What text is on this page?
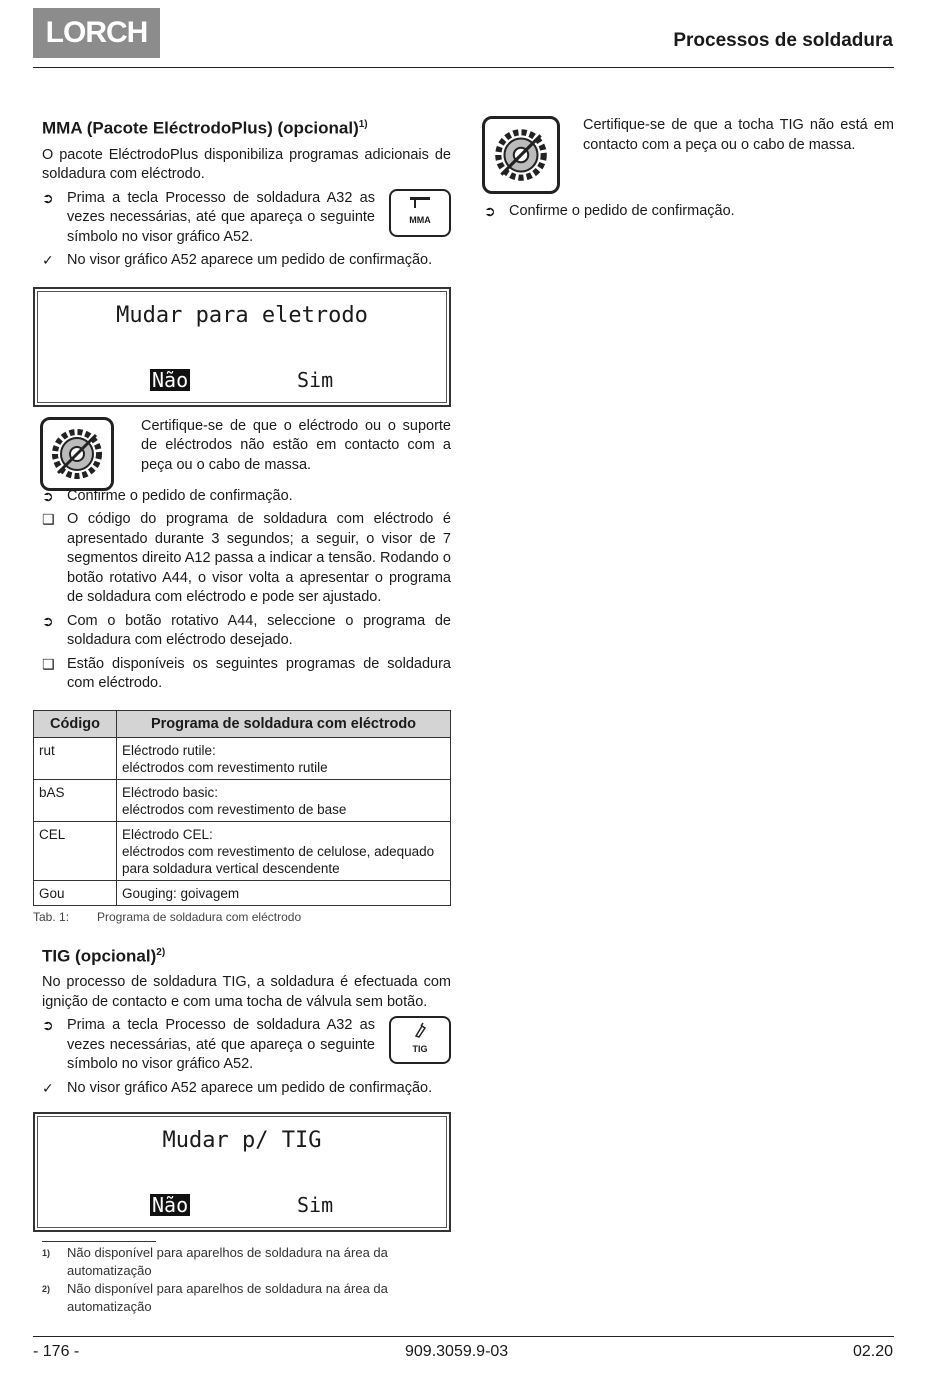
LORCH	Processos de soldadura
MMA (Pacote EléctrodoPlus) (opcional)$^{1)}$

O pacote EléctrodoPlus disponibiliza programas adicionais de soldadura com eléctrodo.

➲ Prima a tecla Processo de soldadura A32 as vezes necessárias, até que apareça o seguinte símbolo no visor gráfico A52.
MMA
✓ No visor gráfico A52 aparece um pedido de confirmação.
Mudar para eletrodo
Não	Sim

Certifique-se de que o eléctrodo ou o suporte de eléctrodos não estão em contacto com a peça ou o cabo de massa.

➲ Confirme o pedido de confirmação.
❑ O código do programa de soldadura com eléctrodo é apresentado durante 3 segundos; a seguir, o visor de 7 segmentos direito A12 passa a indicar a tensão. Rodando o botão rotativo A44, o visor volta a apresentar o programa de soldadura com eléctrodo e pode ser ajustado.
➲ Com o botão rotativo A44, seleccione o programa de soldadura com eléctrodo desejado.
❑ Estão disponíveis os seguintes programas de soldadura com eléctrodo.
Código	Programa de soldadura com eléctrodo
rut	Eléctrodo rutile:
eléctrodos com revestimento rutile

bAS	Eléctrodo basic:
eléctrodos com revestimento de base

CEL	Eléctrodo CEL:
eléctrodos com revestimento de celulose, adequado para soldadura vertical descendente

Gou	Gouging: goivagem
Tab. 1: Programa de soldadura com eléctrodo
TIG (opcional)$^{2)}$

No processo de soldadura TIG, a soldadura é efectuada com ignição de contacto e com uma tocha de válvula sem botão.

➲ Prima a tecla Processo de soldadura A32 as vezes necessárias, até que apareça o seguinte símbolo no visor gráfico A52.
TIG
✓ No visor gráfico A52 aparece um pedido de confirmação.
Mudar p/ TIG
Não	Sim

Certifique-se de que a tocha TIG não está em contacto com a peça ou o cabo de massa.

➲ Confirme o pedido de confirmação.
1)	Não disponível para aparelhos de soldadura na área da automatização
2)	Não disponível para aparelhos de soldadura na área da automatização
- 176 -	909.3059.9-03	02.20
